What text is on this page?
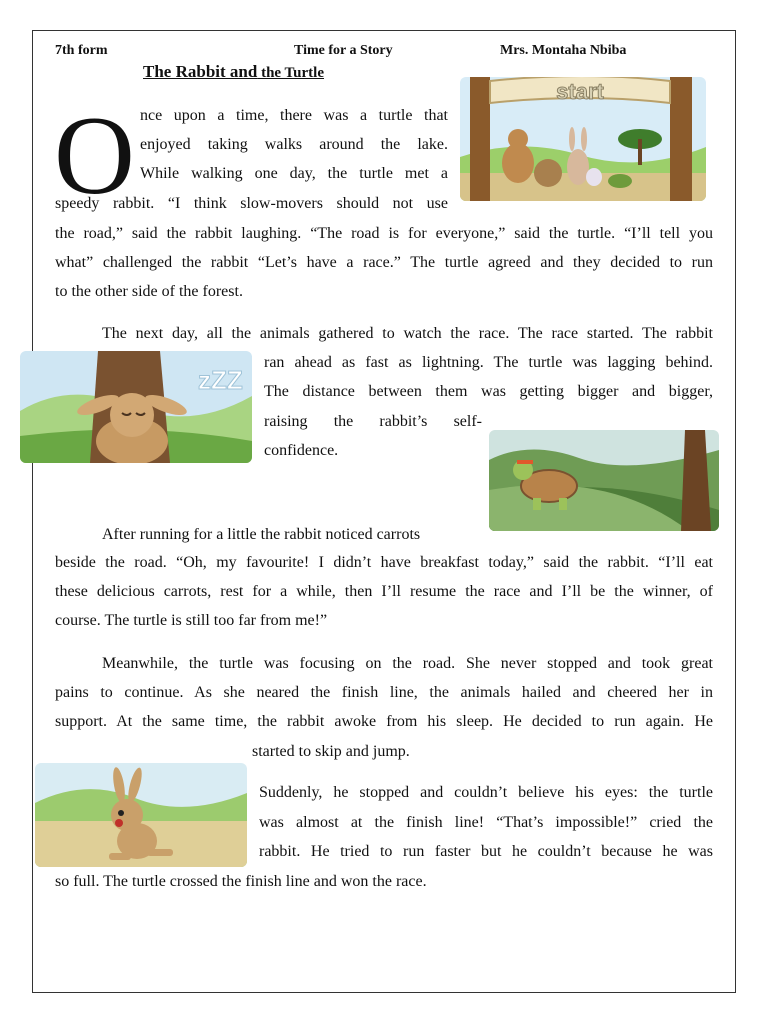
7th form	Time for a Story	Mrs. Montaha Nbiba
The Rabbit and the Turtle
O nce upon a time, there was a turtle that
enjoyed taking walks around the lake.
While walking one day, the turtle met a
speedy rabbit. “I think slow-movers should not use
the road,” said the rabbit laughing. “The road is for everyone,” said the turtle. “I’ll tell you
what” challenged the rabbit “Let’s have a race.” The turtle agreed and they decided to run
to the other side of the forest.
The next day, all the animals gathered to watch the race. The race started. The rabbit
ran ahead as fast as lightning. The turtle was lagging behind.
The distance between them was getting bigger and bigger,
raising the rabbit’s self-
confidence.
After running for a little the rabbit noticed carrots
beside the road. “Oh, my favourite! I didn’t have breakfast today,” said the rabbit. “I’ll eat
these delicious carrots, rest for a while, then I’ll resume the race and I’ll be the winner, of
course. The turtle is still too far from me!”
Meanwhile, the turtle was focusing on the road. She never stopped and took great
pains to continue. As she neared the finish line, the animals hailed and cheered her in
support. At the same time, the rabbit awoke from his sleep. He decided to run again. He
started to skip and jump.
Suddenly, he stopped and couldn’t believe his eyes: the turtle
was almost at the finish line! “That’s impossible!” cried the
rabbit. He tried to run faster but he couldn’t because he was
so full. The turtle crossed the finish line and won the race.
start
zZZ
